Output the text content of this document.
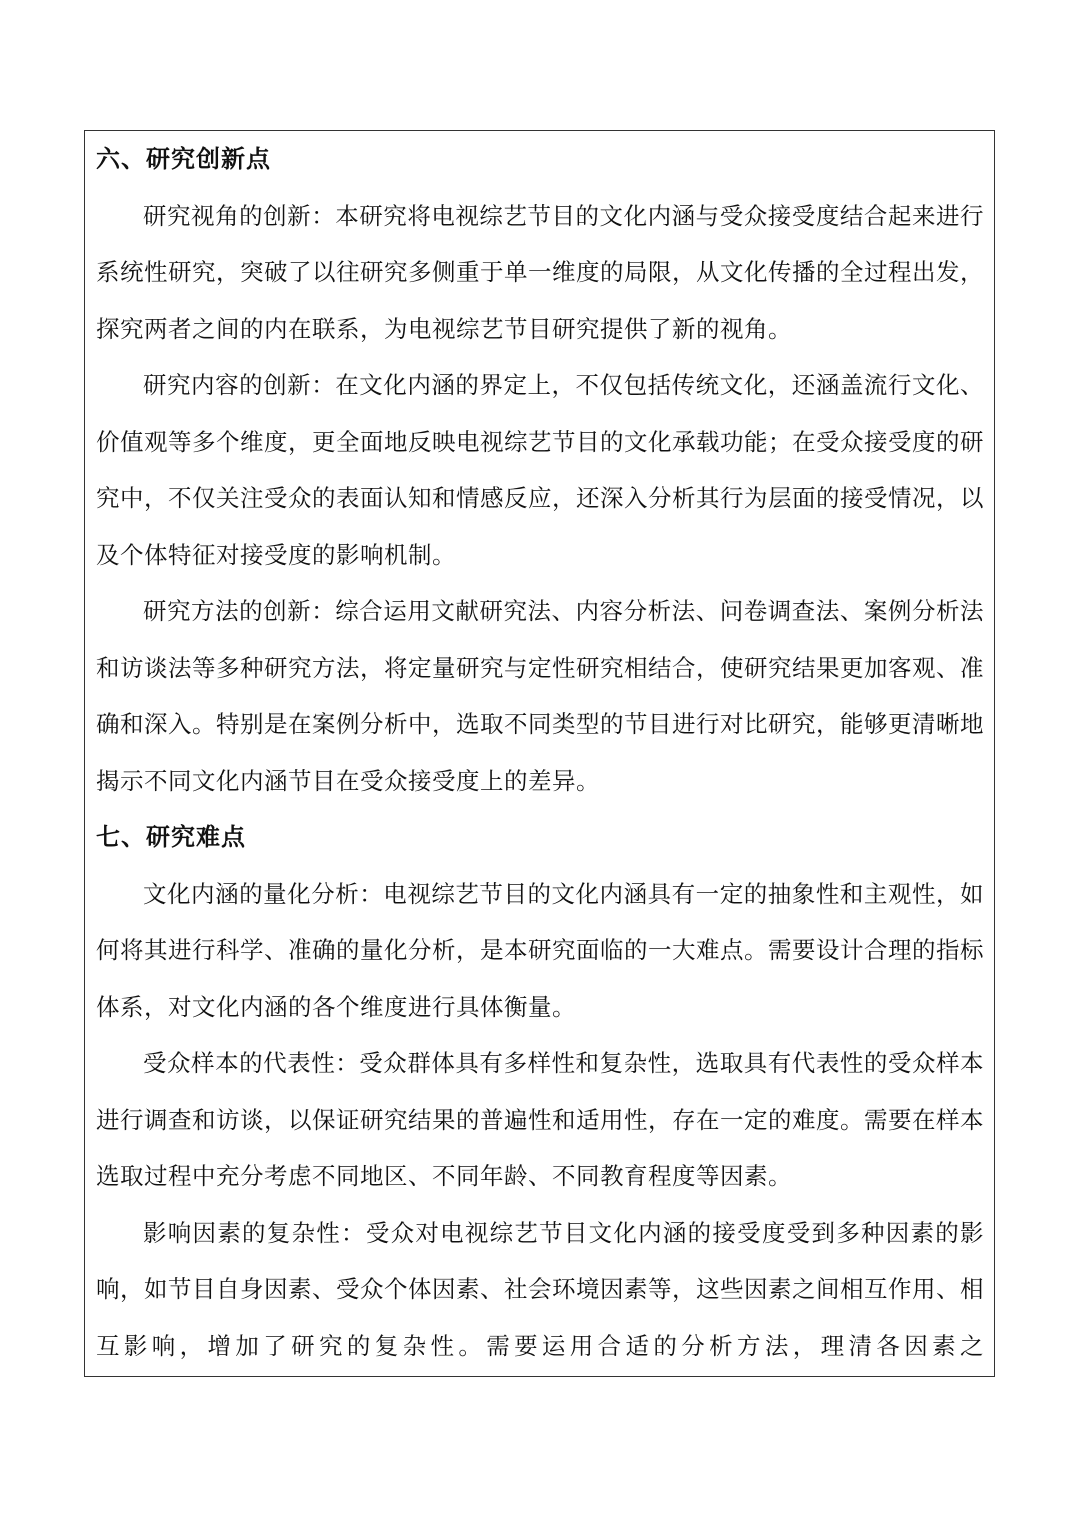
六、研究创新点

研究视角的创新：本研究将电视综艺节目的文化内涵与受众接受度结合起来进行系统性研究，突破了以往研究多侧重于单一维度的局限，从文化传播的全过程出发，探究两者之间的内在联系，为电视综艺节目研究提供了新的视角。

研究内容的创新：在文化内涵的界定上，不仅包括传统文化，还涵盖流行文化、价值观等多个维度，更全面地反映电视综艺节目的文化承载功能；在受众接受度的研究中，不仅关注受众的表面认知和情感反应，还深入分析其行为层面的接受情况，以及个体特征对接受度的影响机制。

研究方法的创新：综合运用文献研究法、内容分析法、问卷调查法、案例分析法和访谈法等多种研究方法，将定量研究与定性研究相结合，使研究结果更加客观、准确和深入。特别是在案例分析中，选取不同类型的节目进行对比研究，能够更清晰地揭示不同文化内涵节目在受众接受度上的差异。

七、研究难点

文化内涵的量化分析：电视综艺节目的文化内涵具有一定的抽象性和主观性，如何将其进行科学、准确的量化分析，是本研究面临的一大难点。需要设计合理的指标体系，对文化内涵的各个维度进行具体衡量。

受众样本的代表性：受众群体具有多样性和复杂性，选取具有代表性的受众样本进行调查和访谈，以保证研究结果的普遍性和适用性，存在一定的难度。需要在样本选取过程中充分考虑不同地区、不同年龄、不同教育程度等因素。

影响因素的复杂性：受众对电视综艺节目文化内涵的接受度受到多种因素的影响，如节目自身因素、受众个体因素、社会环境因素等，这些因素之间相互作用、相互影响，增加了研究的复杂性。需要运用合适的分析方法，理清各因素之
